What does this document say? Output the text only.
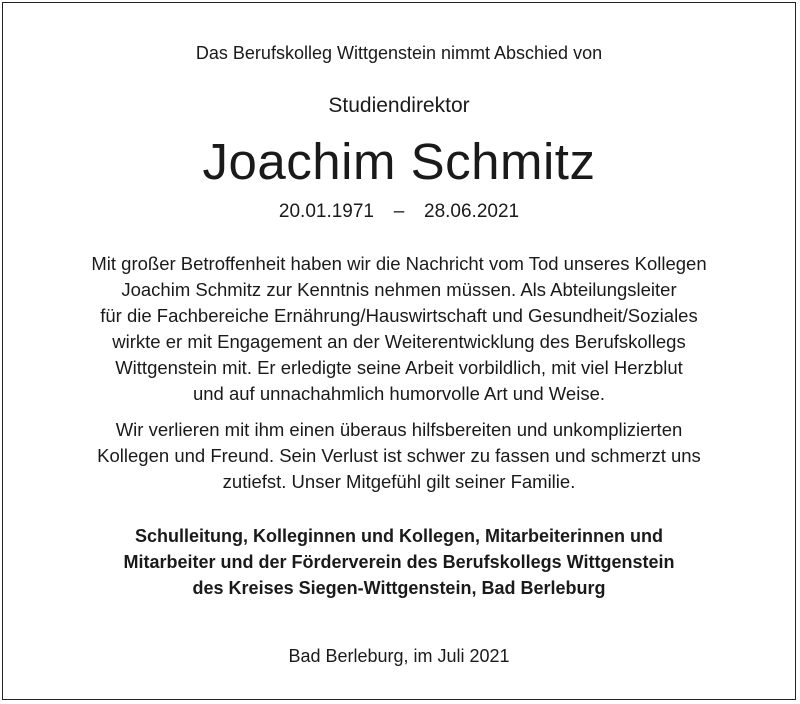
Das Berufskolleg Wittgenstein nimmt Abschied von
Studiendirektor
Joachim Schmitz
20.01.1971 – 28.06.2021
Mit großer Betroffenheit haben wir die Nachricht vom Tod unseres Kollegen
Joachim Schmitz zur Kenntnis nehmen müssen. Als Abteilungsleiter
für die Fachbereiche Ernährung/Hauswirtschaft und Gesundheit/Soziales
wirkte er mit Engagement an der Weiterentwicklung des Berufskollegs
Wittgenstein mit. Er erledigte seine Arbeit vorbildlich, mit viel Herzblut
und auf unnachahmlich humorvolle Art und Weise.
Wir verlieren mit ihm einen überaus hilfsbereiten und unkomplizierten
Kollegen und Freund. Sein Verlust ist schwer zu fassen und schmerzt uns
zutiefst. Unser Mitgefühl gilt seiner Familie.
Schulleitung, Kolleginnen und Kollegen, Mitarbeiterinnen und
Mitarbeiter und der Förderverein des Berufskollegs Wittgenstein
des Kreises Siegen-Wittgenstein, Bad Berleburg
Bad Berleburg, im Juli 2021
